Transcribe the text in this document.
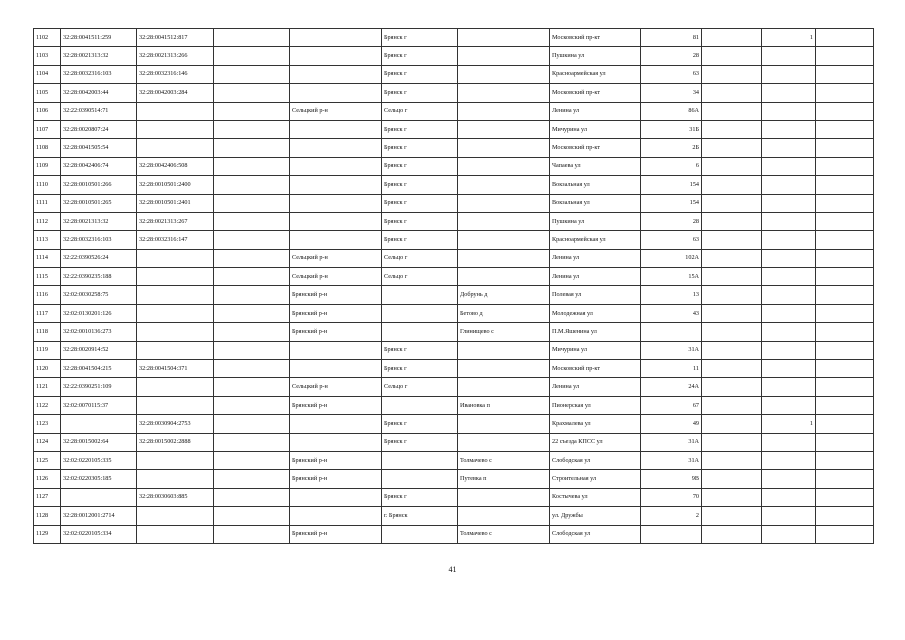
1102	32:28:0041511:259	32:28:0041512:817			Брянск г		Московский пр-кт	81		1	
1103	32:28:0021313:32	32:28:0021313:266			Брянск г		Пушкина ул	28			
1104	32:28:0032316:103	32:28:0032316:146			Брянск г		Красноармейская ул	63			
1105	32:28:0042003:44	32:28:0042003:284			Брянск г		Московский пр-кт	34			
1106	32:22:0390514:71			Сельцкий р-н	Сельцо г		Ленина ул	86А			
1107	32:28:0020807:24				Брянск г		Мичурина ул	31Б			
1108	32:28:0041505:54				Брянск г		Московский пр-кт	2Б			
1109	32:28:0042406:74	32:28:0042406:508			Брянск г		Чапаева ул	6			
1110	32:28:0010501:266	32:28:0010501:2400			Брянск г		Вокзальная ул	154			
1111	32:28:0010501:265	32:28:0010501:2401			Брянск г		Вокзальная ул	154			
1112	32:28:0021313:32	32:28:0021313:267			Брянск г		Пушкина ул	28			
1113	32:28:0032316:103	32:28:0032316:147			Брянск г		Красноармейская ул	63			
1114	32:22:0390526:24			Сельцкий р-н	Сельцо г		Ленина ул	102А			
1115	32:22:0390235:188			Сельцкий р-н	Сельцо г		Ленина ул	15А			
1116	32:02:0030258:75			Брянский р-н		Добрунь д	Полевая ул	13			
1117	32:02:0130201:126			Брянский р-н		Бетово д	Молодежная ул	43			
1118	32:02:0010136:273			Брянский р-н		Глинищево с	П.М.Яшенина ул				
1119	32:28:0020914:52				Брянск г		Мичурина ул	31А			
1120	32:28:0041504:215	32:28:0041504:371			Брянск г		Московский пр-кт	11			
1121	32:22:0390251:109			Сельцкий р-н	Сельцо г		Ленина ул	24А			
1122	32:02:0070115:37			Брянский р-н		Ивановка п	Пионерская ул	67			
1123		32:28:0030904:2753			Брянск г		Крахмалева ул	49		1	
1124	32:28:0015002:64	32:28:0015002:2888			Брянск г		22 съезда КПСС ул	31А			
1125	32:02:0220105:335			Брянский р-н		Толмачево с	Слободская ул	31А			
1126	32:02:0220305:185			Брянский р-н		Путевка п	Строительная ул	9В			
1127		32:28:0030603:885			Брянск г		Костычева ул	70			
1128	32:28:0012001:2714				г. Брянск		ул. Дружбы	2			
1129	32:02:0220105:334			Брянский р-н		Толмачево с	Слободская ул				
41
